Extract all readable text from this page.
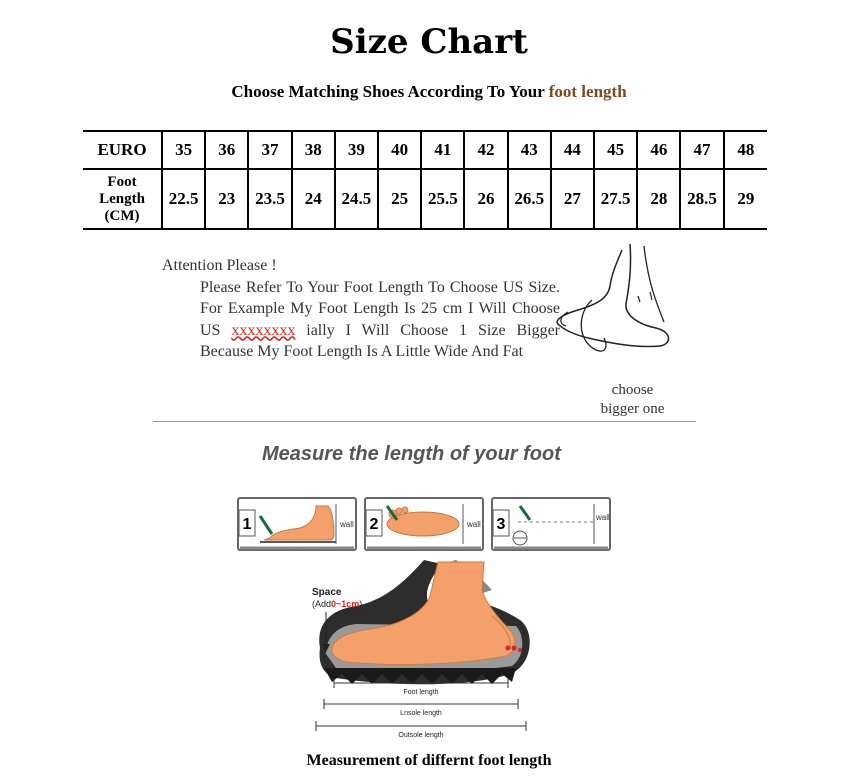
Size Chart
Choose Matching Shoes According To Your foot length
EURO	35	36	37	38	39	40	41	42	43	44	45	46	47	48

Foot
Length
(CM)	22.5	23	23.5	24	24.5	25	25.5	26	26.5	27	27.5	28	28.5	29
Attention Please !
Please Refer To Your Foot Length To Choose US Size. For Example My Foot Length Is 25 cm I Will Choose US xxxxxxxx ially I Will Choose 1 Size Bigger Because My Foot Length Is A Little Wide And Fat
choose
bigger one
Measure the length of your foot
1	wall 2	wall 3	wall
Space
(Add0~1cm)
Foot length
Lnsole length
Outsole length
Measurement of differnt foot length
